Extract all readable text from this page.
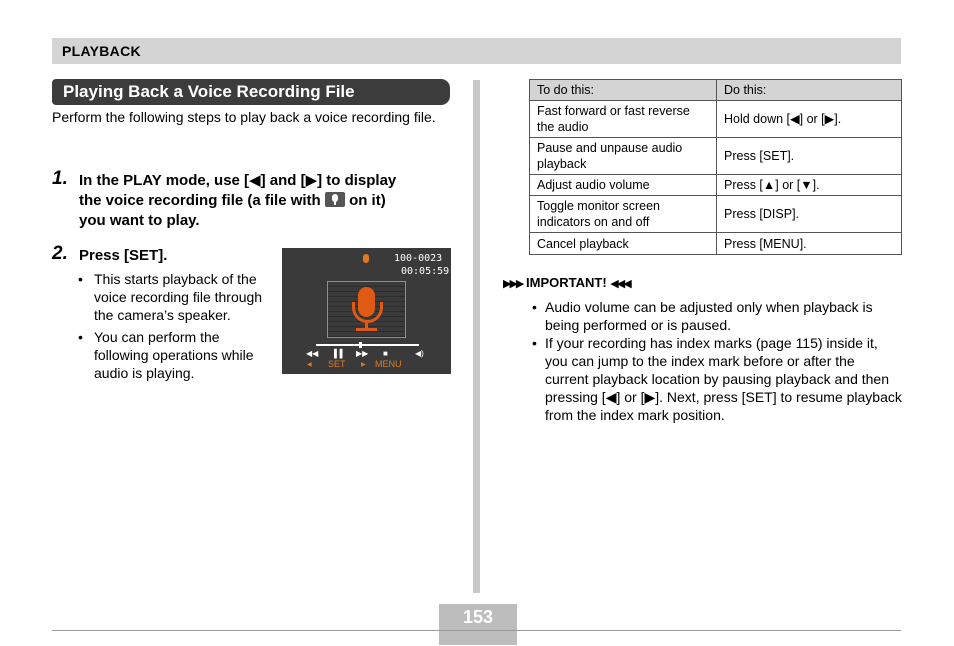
PLAYBACK
Playing Back a Voice Recording File
Perform the following steps to play back a voice recording file.
1. In the PLAY mode, use [◀] and [▶] to display
the voice recording file (a file with on it)
you want to play.
2. Press [SET].
• This starts playback of the voice recording file through the camera’s speaker.
• You can perform the following operations while audio is playing.
100-0023
00:05:59
◀◀ ▌▌ ▶▶ ■	◀)
◀ SET	▶ MENU
To do this:	Do this:
Fast forward or fast reverse the audio	Hold down [◀] or [▶].
Pause and unpause audio playback	Press [SET].
Adjust audio volume	Press [▲] or [▼].
Toggle monitor screen indicators on and off	Press [DISP].
Cancel playback	Press [MENU].
▶▶▶ IMPORTANT! ◀◀◀
• Audio volume can be adjusted only when playback is being performed or is paused.
• If your recording has index marks (page 115) inside it, you can jump to the index mark before or after the current playback location by pausing playback and then pressing [◀] or [▶]. Next, press [SET] to resume playback from the index mark position.
153
